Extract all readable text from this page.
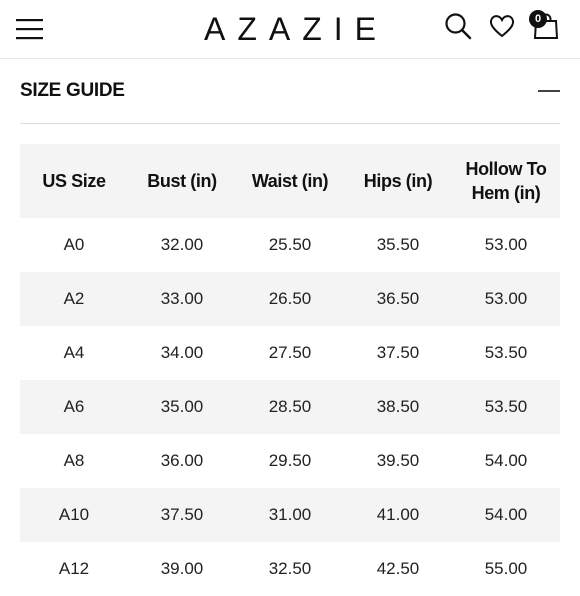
AZAZIE	0
SIZE GUIDE
US Size	Bust (in)	Waist (in)	Hips (in)	Hollow To Hem (in)
A0	32.00	25.50	35.50	53.00
A2	33.00	26.50	36.50	53.00
A4	34.00	27.50	37.50	53.50
A6	35.00	28.50	38.50	53.50
A8	36.00	29.50	39.50	54.00
A10	37.50	31.00	41.00	54.00
A12	39.00	32.50	42.50	55.00
